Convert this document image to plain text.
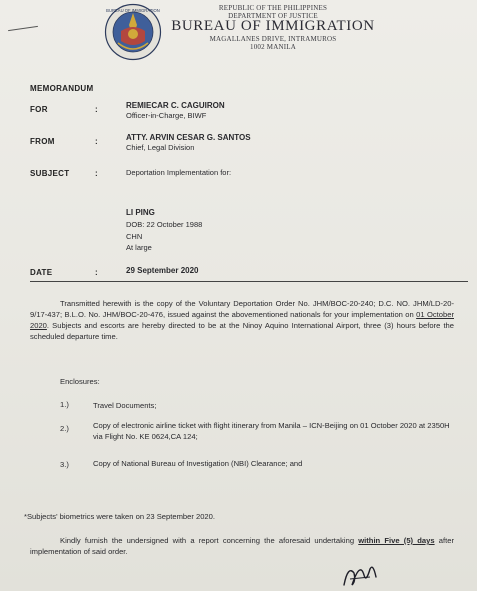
BUREAU OF IMMIGRATION	REPUBLIC OF THE PHILIPPINES
DEPARTMENT OF JUSTICE
BUREAU OF IMMIGRATION
MAGALLANES DRIVE, INTRAMUROS
1002 MANILA
MEMORANDUM
FOR	:	REMIECAR C. CAGUIRON
Officer-in-Charge, BIWF
FROM	:	ATTY. ARVIN CESAR G. SANTOS
Chief, Legal Division
SUBJECT	:	Deportation Implementation for:
LI PING
DOB: 22 October 1988
CHN
At large
DATE	:	29 September 2020
Transmitted herewith is the copy of the Voluntary Deportation Order No. JHM/BOC-20-240; D.C. NO. JHM/LD-20-9/17-437; B.L.O. No. JHM/BOC-20-476, issued against the abovementioned nationals for your implementation on 01 October 2020. Subjects and escorts are hereby directed to be at the Ninoy Aquino International Airport, three (3) hours before the scheduled departure time.
Enclosures:
1.)	Travel Documents;
2.)	Copy of electronic airline ticket with flight itinerary from Manila – ICN-Beijing on 01 October 2020 at 2350H via Flight No. KE 0624,CA 124;
3.)	Copy of National Bureau of Investigation (NBI) Clearance; and
*Subjects' biometrics were taken on 23 September 2020.
Kindly furnish the undersigned with a report concerning the aforesaid undertaking within Five (5) days after implementation of said order.
